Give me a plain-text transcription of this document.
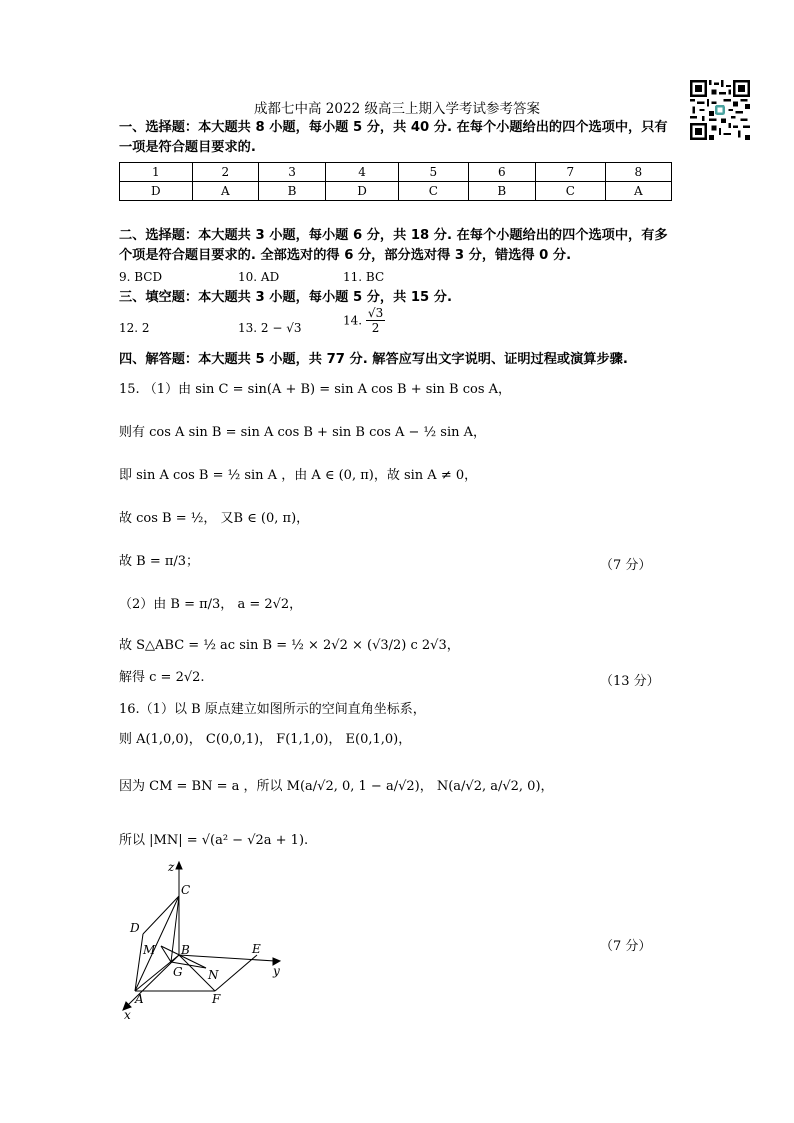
成都七中高 2022 级高三上期入学考试参考答案
一、选择题：本大题共 8 小题，每小题 5 分，共 40 分. 在每个小题给出的四个选项中，只有
一项是符合题目要求的.
1	2	3	4	5	6	7	8
D	A	B	D	C	B	C	A
二、选择题：本大题共 3 小题，每小题 6 分，共 18 分. 在每个小题给出的四个选项中，有多
个项是符合题目要求的. 全部选对的得 6 分，部分选对得 3 分，错选得 0 分.
9. BCD	10. AD	11. BC
三、填空题：本大题共 3 小题，每小题 5 分，共 15 分.
12. 2	13. 2 − √3
14. $\frac{√3}{2}$
四、解答题：本大题共 5 小题，共 77 分. 解答应写出文字说明、证明过程或演算步骤.
15. （1）由 sin C = sin(A + B) = sin A cos B + sin B cos A，
则有 cos A sin B = sin A cos B + sin B cos A − ½ sin A，
即 sin A cos B = ½ sin A ，由 A ∈ (0, π)，故 sin A ≠ 0，
故 cos B = ½， 又B ∈ (0, π)，
故 B = π/3；	（7 分）
（2）由 B = π/3， a = 2√2，
故 S△ABC = ½ ac sin B = ½ × 2√2 × (√3/2) c 2√3，
解得 c = 2√2.	（13 分）
16.（1）以 B 原点建立如图所示的空间直角坐标系，
则 A(1,0,0)， C(0,0,1)， F(1,1,0)， E(0,1,0)，
因为 CM = BN = a ，所以 M(a/√2, 0, 1 − a/√2)， N(a/√2, a/√2, 0)，
所以 |MN| = √(a² − √2a + 1).
（7 分）
z
y
x
C
D
M B	E
G N
A	F
